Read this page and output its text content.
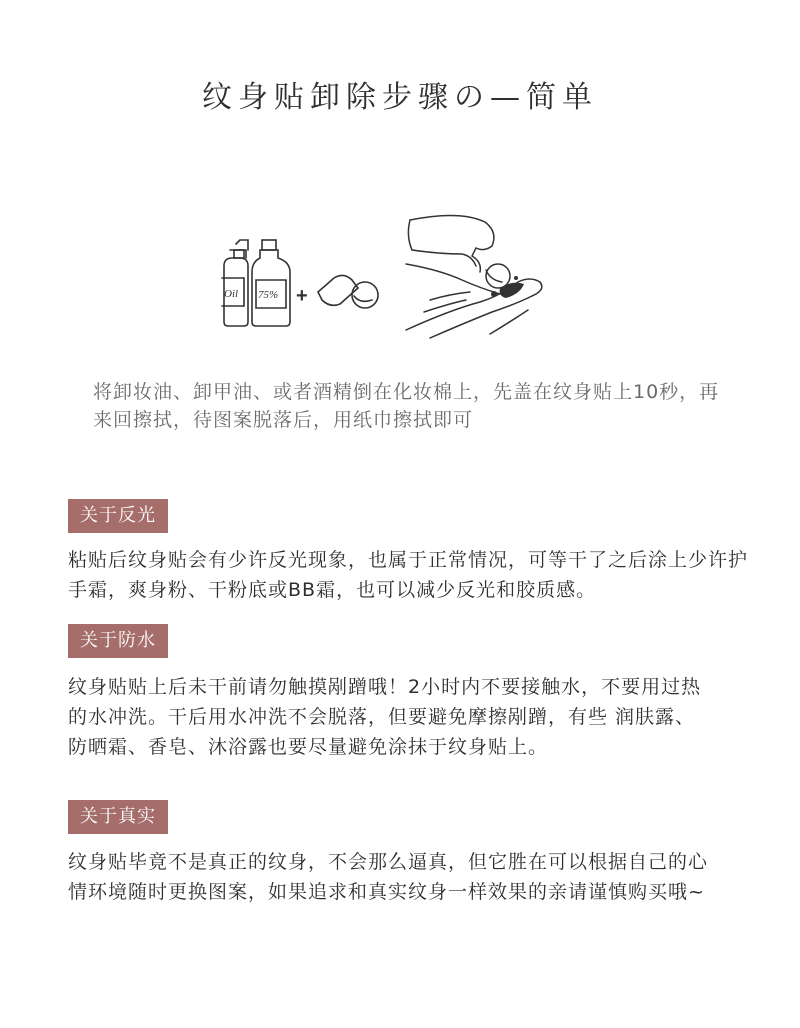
纹身贴卸除步骤の—简单
Oil 75% +
将卸妆油、卸甲油、或者酒精倒在化妆棉上，先盖在纹身贴上10秒，再来回擦拭，待图案脱落后，用纸巾擦拭即可
关于反光
粘贴后纹身贴会有少许反光现象，也属于正常情况，可等干了之后涂上少许护手霜，爽身粉、干粉底或BB霜，也可以减少反光和胶质感。
关于防水
纹身贴贴上后未干前请勿触摸剐蹭哦！2小时内不要接触水，不要用过热的水冲洗。干后用水冲洗不会脱落，但要避免摩擦剐蹭，有些 润肤露、防晒霜、香皂、沐浴露也要尽量避免涂抹于纹身贴上。
关于真实
纹身贴毕竟不是真正的纹身，不会那么逼真，但它胜在可以根据自己的心情环境随时更换图案，如果追求和真实纹身一样效果的亲请谨慎购买哦~
